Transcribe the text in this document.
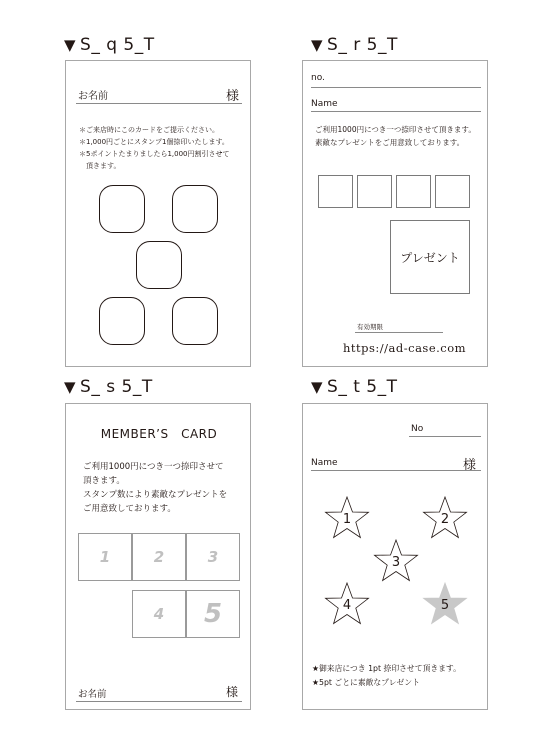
▼ S_ q 5_T	▼ S_ r 5_T
▼ S_ s 5_T	▼ S_ t 5_T
お名前	様
＊ご来店時にこのカードをご提示ください。
＊1,000円ごとにスタンプ1個捺印いたします。
＊5ポイントたまりましたら1,000円割引させて
　頂きます。
no.
Name
ご利用1000円につき一つ捺印させて頂きます。
素敵なプレゼントをご用意致しております。
プレゼント
有効期限
https://ad-case.com
MEMBER’S　CARD
ご利用1000円につき一つ捺印させて
頂きます。
スタンプ数により素敵なプレゼントを
ご用意致しております。
1	2	3
4	5
お名前	様
No
Name	様
1	2
3
4	5
★御来店につき 1pt 捺印させて頂きます。
★5pt ごとに素敵なプレゼント
